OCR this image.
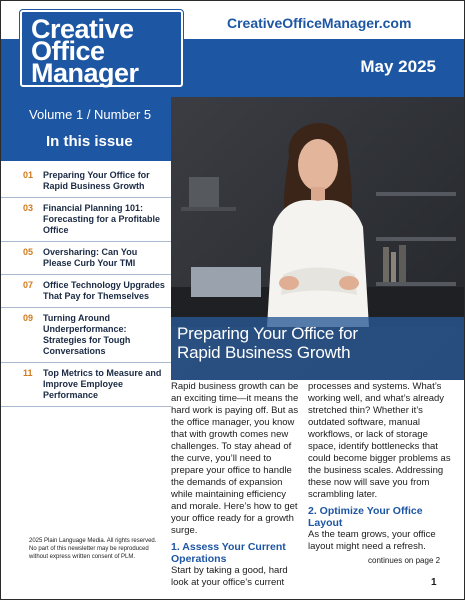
Creative
Office
Manager
CreativeOfficeManager.com
May 2025
Volume 1 / Number 5
In this issue
01 Preparing Your Office for Rapid Business Growth
03 Financial Planning 101: Forecasting for a Profitable Office
05 Oversharing: Can You Please Curb Your TMI
07 Office Technology Upgrades That Pay for Themselves
09 Turning Around Underperformance: Strategies for Tough Conversations
11 Top Metrics to Measure and Improve Employee Performance
2025 Plain Language Media. All rights reserved. No part of this newsletter may be reproduced without express written consent of PLM.
Preparing Your Office for
Rapid Business Growth

Rapid business growth can be an exciting time—it means the hard work is paying off. But as the office manager, you know that with growth comes new challenges. To stay ahead of the curve, you’ll need to prepare your office to handle the demands of expansion while maintaining efficiency and morale. Here’s how to get your office ready for a growth surge.

1. Assess Your Current Operations

Start by taking a good, hard look at your office’s current

processes and systems. What’s working well, and what’s already stretched thin? Whether it’s outdated software, manual workflows, or lack of storage space, identify bottlenecks that could become bigger problems as the business scales. Addressing these now will save you from scrambling later.

2. Optimize Your Office Layout

As the team grows, your office layout might need a refresh.

continues on page 2
1
